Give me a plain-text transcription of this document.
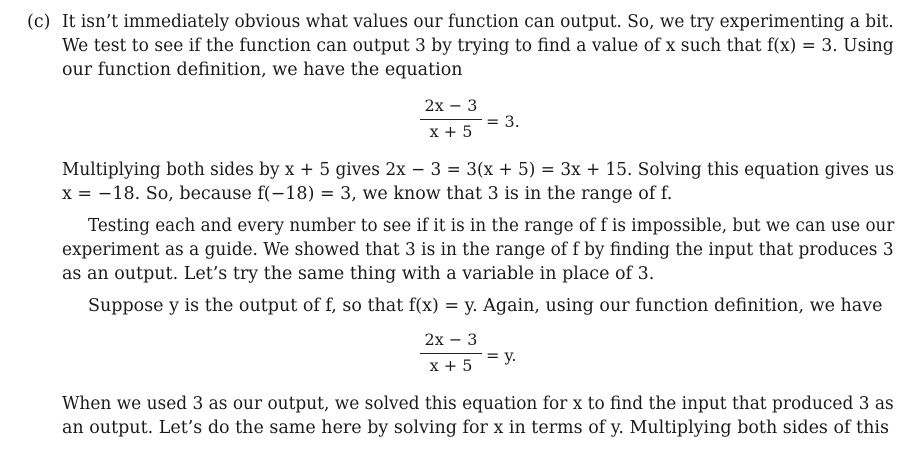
(c) It isn’t immediately obvious what values our function can output. So, we try experimenting a bit.
We test to see if the function can output 3 by trying to find a value of x such that f(x) = 3. Using
our function definition, we have the equation
2x − 3
x + 5
= 3.
Multiplying both sides by x + 5 gives 2x − 3 = 3(x + 5) = 3x + 15. Solving this equation gives us
x = −18. So, because f(−18) = 3, we know that 3 is in the range of f.
Testing each and every number to see if it is in the range of f is impossible, but we can use our
experiment as a guide. We showed that 3 is in the range of f by finding the input that produces 3
as an output. Let’s try the same thing with a variable in place of 3.
Suppose y is the output of f, so that f(x) = y. Again, using our function definition, we have
2x − 3
x + 5
= y.
When we used 3 as our output, we solved this equation for x to find the input that produced 3 as
an output. Let’s do the same here by solving for x in terms of y. Multiplying both sides of this
